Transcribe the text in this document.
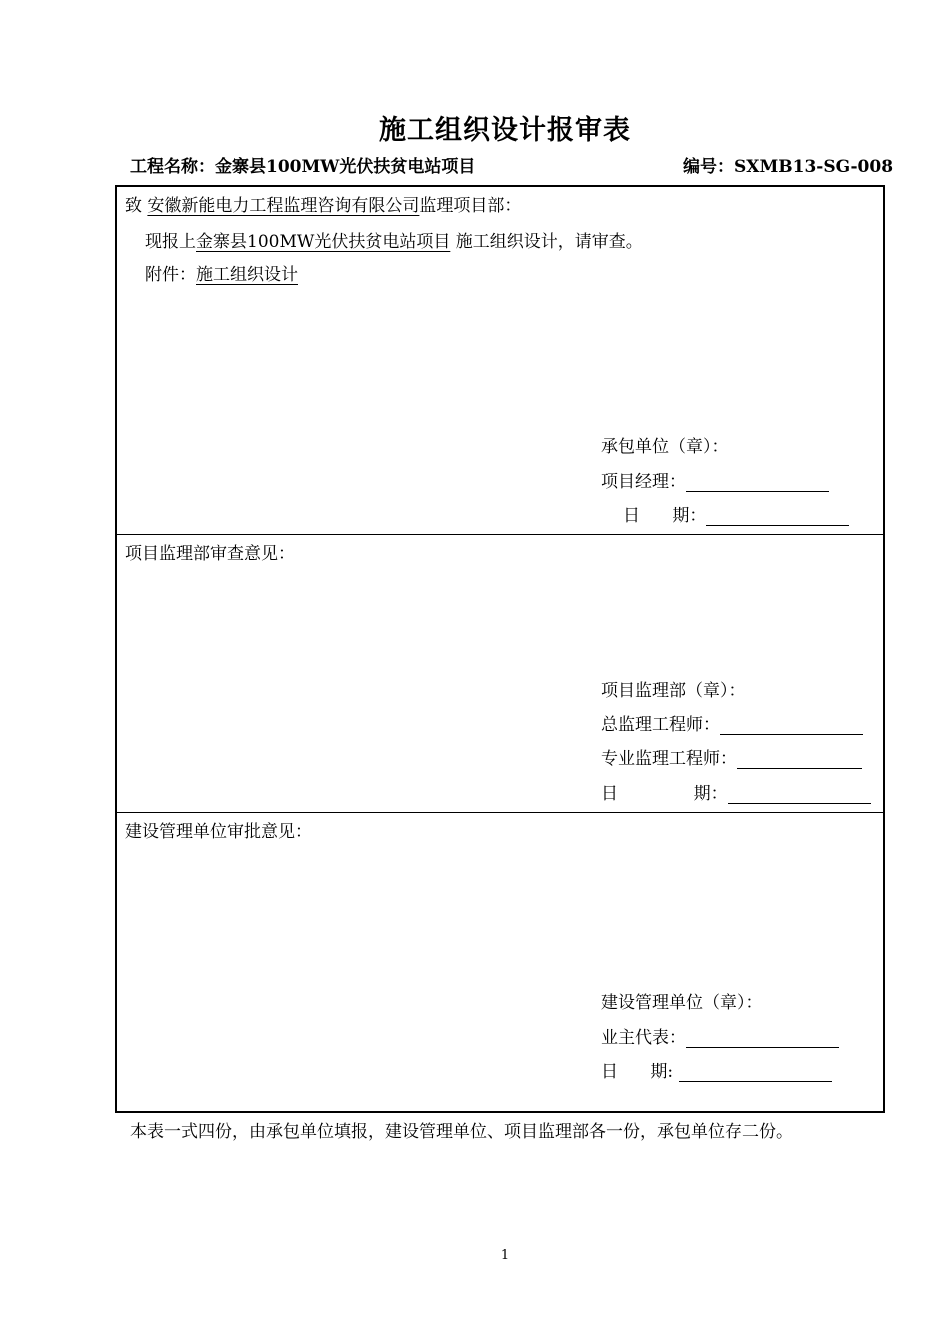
施工组织设计报审表
工程名称：金寨县100MW光伏扶贫电站项目	编号：SXMB13-SG-008
致 安徽新能电力工程监理咨询有限公司监理项目部：
现报上金寨县100MW光伏扶贫电站项目 施工组织设计，请审查。
附件：施工组织设计
承包单位（章）：
项目经理：
日      期：
项目监理部审查意见：
项目监理部（章）：
总监理工程师：
专业监理工程师：
日              期：
建设管理单位审批意见：
建设管理单位（章）：
业主代表：
日      期:
本表一式四份，由承包单位填报，建设管理单位、项目监理部各一份，承包单位存二份。
1
